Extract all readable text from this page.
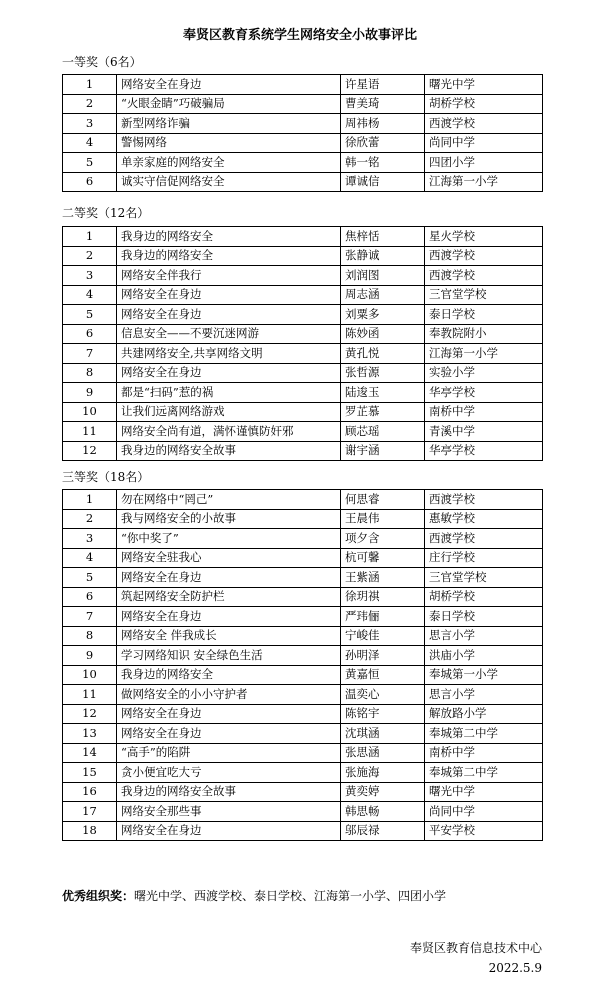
奉贤区教育系统学生网络安全小故事评比
一等奖（6名）
1	网络安全在身边	许星语	曙光中学
2	“火眼金睛”巧破骗局	曹美琦	胡桥学校
3	新型网络诈骗	周祎杨	西渡学校
4	警惕网络	徐欣蕾	尚同中学
5	单亲家庭的网络安全	韩一铭	四团小学
6	诚实守信促网络安全	谭诚信	江海第一小学
二等奖（12名）
1	我身边的网络安全	焦梓恬	星火学校
2	我身边的网络安全	张静诚	西渡学校
3	网络安全伴我行	刘润图	西渡学校
4	网络安全在身边	周志涵	三官堂学校
5	网络安全在身边	刘粟多	泰日学校
6	信息安全——不要沉迷网游	陈妙函	奉教院附小
7	共建网络安全,共享网络文明	黄孔悦	江海第一小学
8	网络安全在身边	张哲源	实验小学
9	都是“扫码”惹的祸	陆逡玉	华亭学校
10	让我们远离网络游戏	罗芷慕	南桥中学
11	网络安全尚有道，满怀谨慎防奸邪	顾芯瑶	青溪中学
12	我身边的网络安全故事	谢宇涵	华亭学校
三等奖（18名）
1	勿在网络中“罔己”	何思睿	西渡学校
2	我与网络安全的小故事	王晨伟	惠敏学校
3	“你中奖了”	项夕含	西渡学校
4	网络安全驻我心	杭可馨	庄行学校
5	网络安全在身边	王紫涵	三官堂学校
6	筑起网络安全防护栏	徐玥祺	胡桥学校
7	网络安全在身边	严玮俪	泰日学校
8	网络安全 伴我成长	宁峻佳	思言小学
9	学习网络知识 安全绿色生活	孙明泽	洪庙小学
10	我身边的网络安全	黄嘉恒	奉城第一小学
11	做网络安全的小小守护者	温奕心	思言小学
12	网络安全在身边	陈铭宇	解放路小学
13	网络安全在身边	沈琪涵	奉城第二中学
14	“高手”的陷阱	张思涵	南桥中学
15	贪小便宜吃大亏	张施海	奉城第二中学
16	我身边的网络安全故事	黄奕婷	曙光中学
17	网络安全那些事	韩思畅	尚同中学
18	网络安全在身边	邬辰禄	平安学校
优秀组织奖：曙光中学、西渡学校、泰日学校、江海第一小学、四团小学
奉贤区教育信息技术中心
2022.5.9
